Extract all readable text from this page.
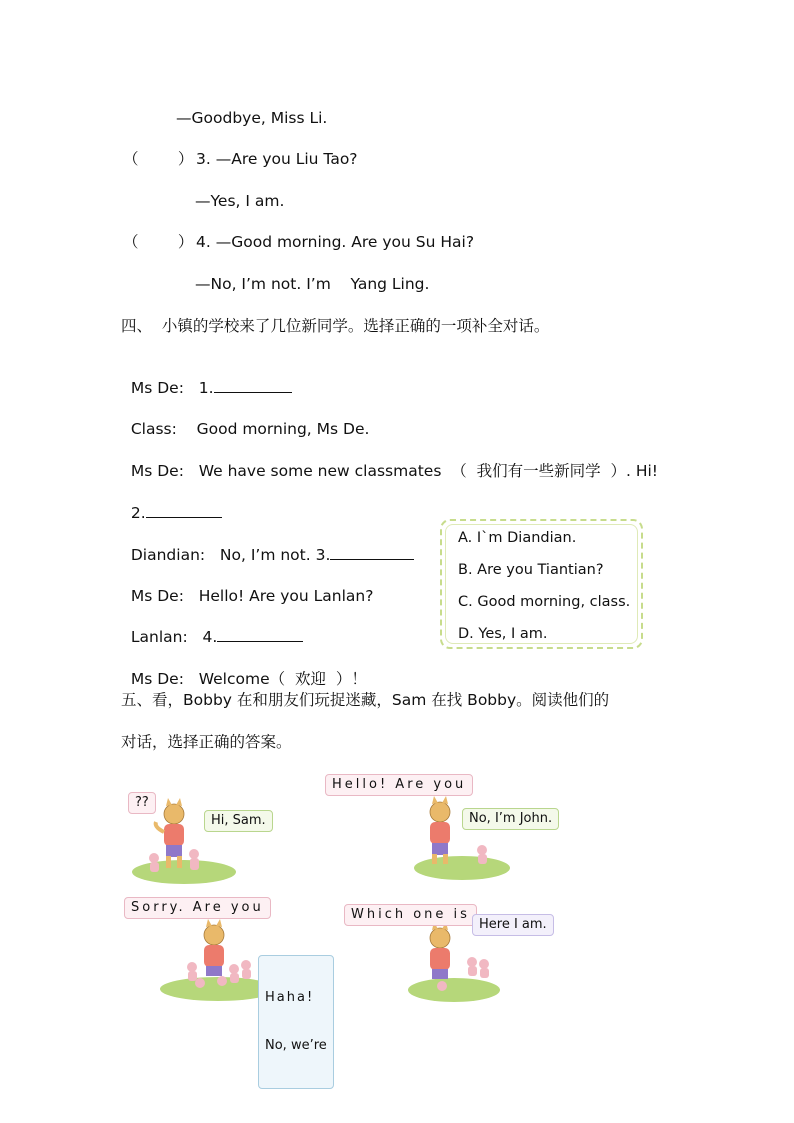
—Goodbye, Miss Li.
（        ） 3. —Are you Liu Tao?
—Yes, I am.
（        ） 4. —Good morning. Are you Su Hai?
—No, I’m not. I’m    Yang Ling.
四、  小镇的学校来了几位新同学。选择正确的一项补全对话。

Ms De: 1.

Class: Good morning, Ms De.

Ms De: We have some new classmates  （  我们有一些新同学  ）. Hi!

2.

Diandian: No, I’m not. 3.

Ms De: Hello! Are you Lanlan?

Lanlan: 4.

Ms De: Welcome（  欢迎  ）！

A. I`m Diandian.
B. Are you Tiantian?
C. Good morning, class.
D. Yes, I am.
五、看，Bobby 在和朋友们玩捉迷藏，Sam 在找 Bobby。阅读他们的
对话，选择正确的答案。
??
Hi, Sam.
Hello! Are you
No, I’m John.
Sorry. Are you

Haha!

No, we’re

Which one is
Here I am.
